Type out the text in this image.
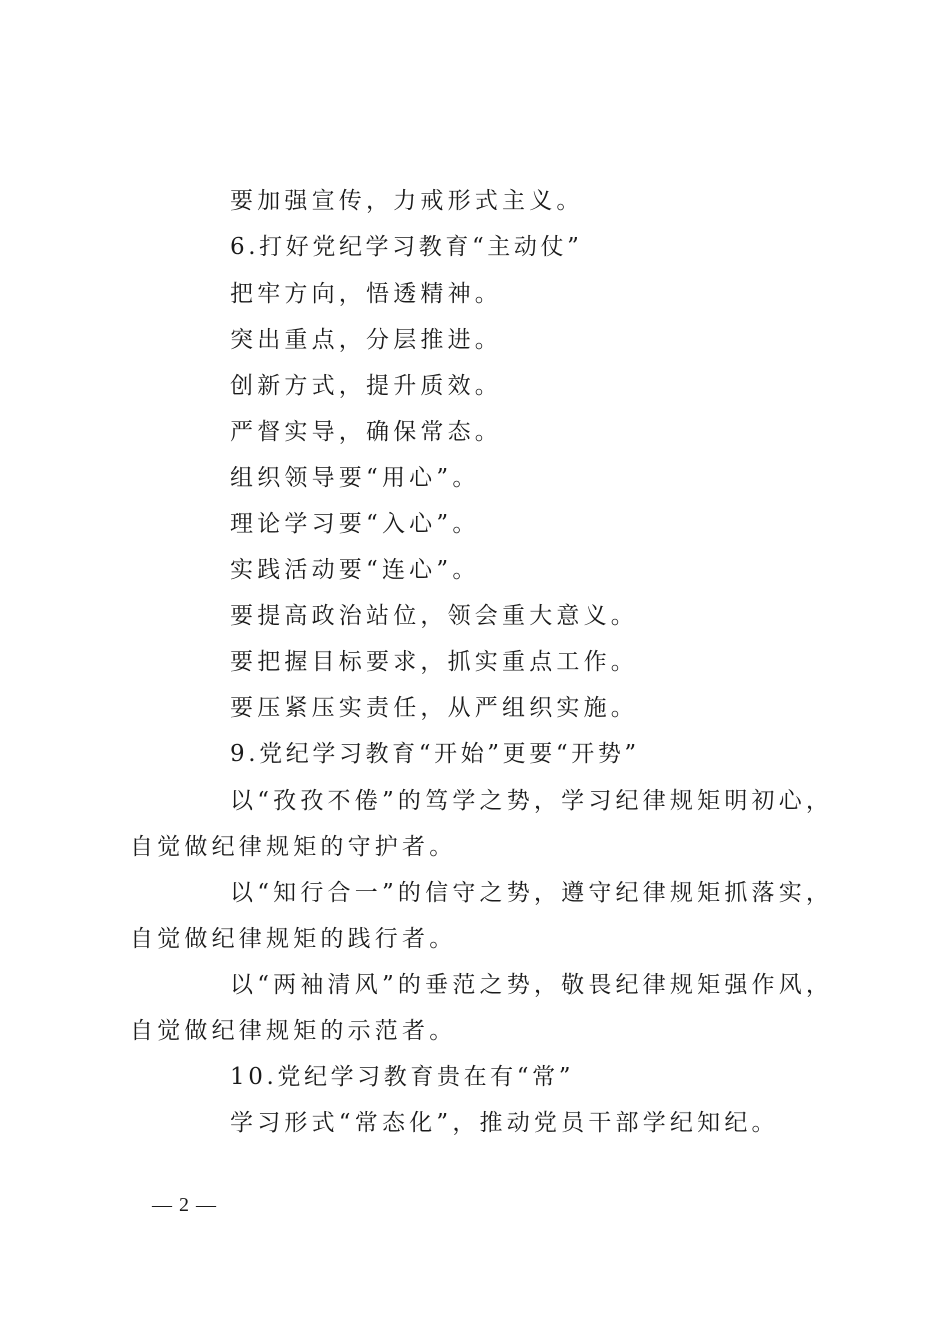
要加强宣传，力戒形式主义。
6.打好党纪学习教育“主动仗”
把牢方向，悟透精神。
突出重点，分层推进。
创新方式，提升质效。
严督实导，确保常态。
组织领导要“用心”。
理论学习要“入心”。
实践活动要“连心”。
要提高政治站位，领会重大意义。
要把握目标要求，抓实重点工作。
要压紧压实责任，从严组织实施。
9.党纪学习教育“开始”更要“开势”
以“孜孜不倦”的笃学之势，学习纪律规矩明初心，
自觉做纪律规矩的守护者。
以“知行合一”的信守之势，遵守纪律规矩抓落实，
自觉做纪律规矩的践行者。
以“两袖清风”的垂范之势，敬畏纪律规矩强作风，
自觉做纪律规矩的示范者。
10.党纪学习教育贵在有“常”
学习形式“常态化”，推动党员干部学纪知纪。
— 2 —
